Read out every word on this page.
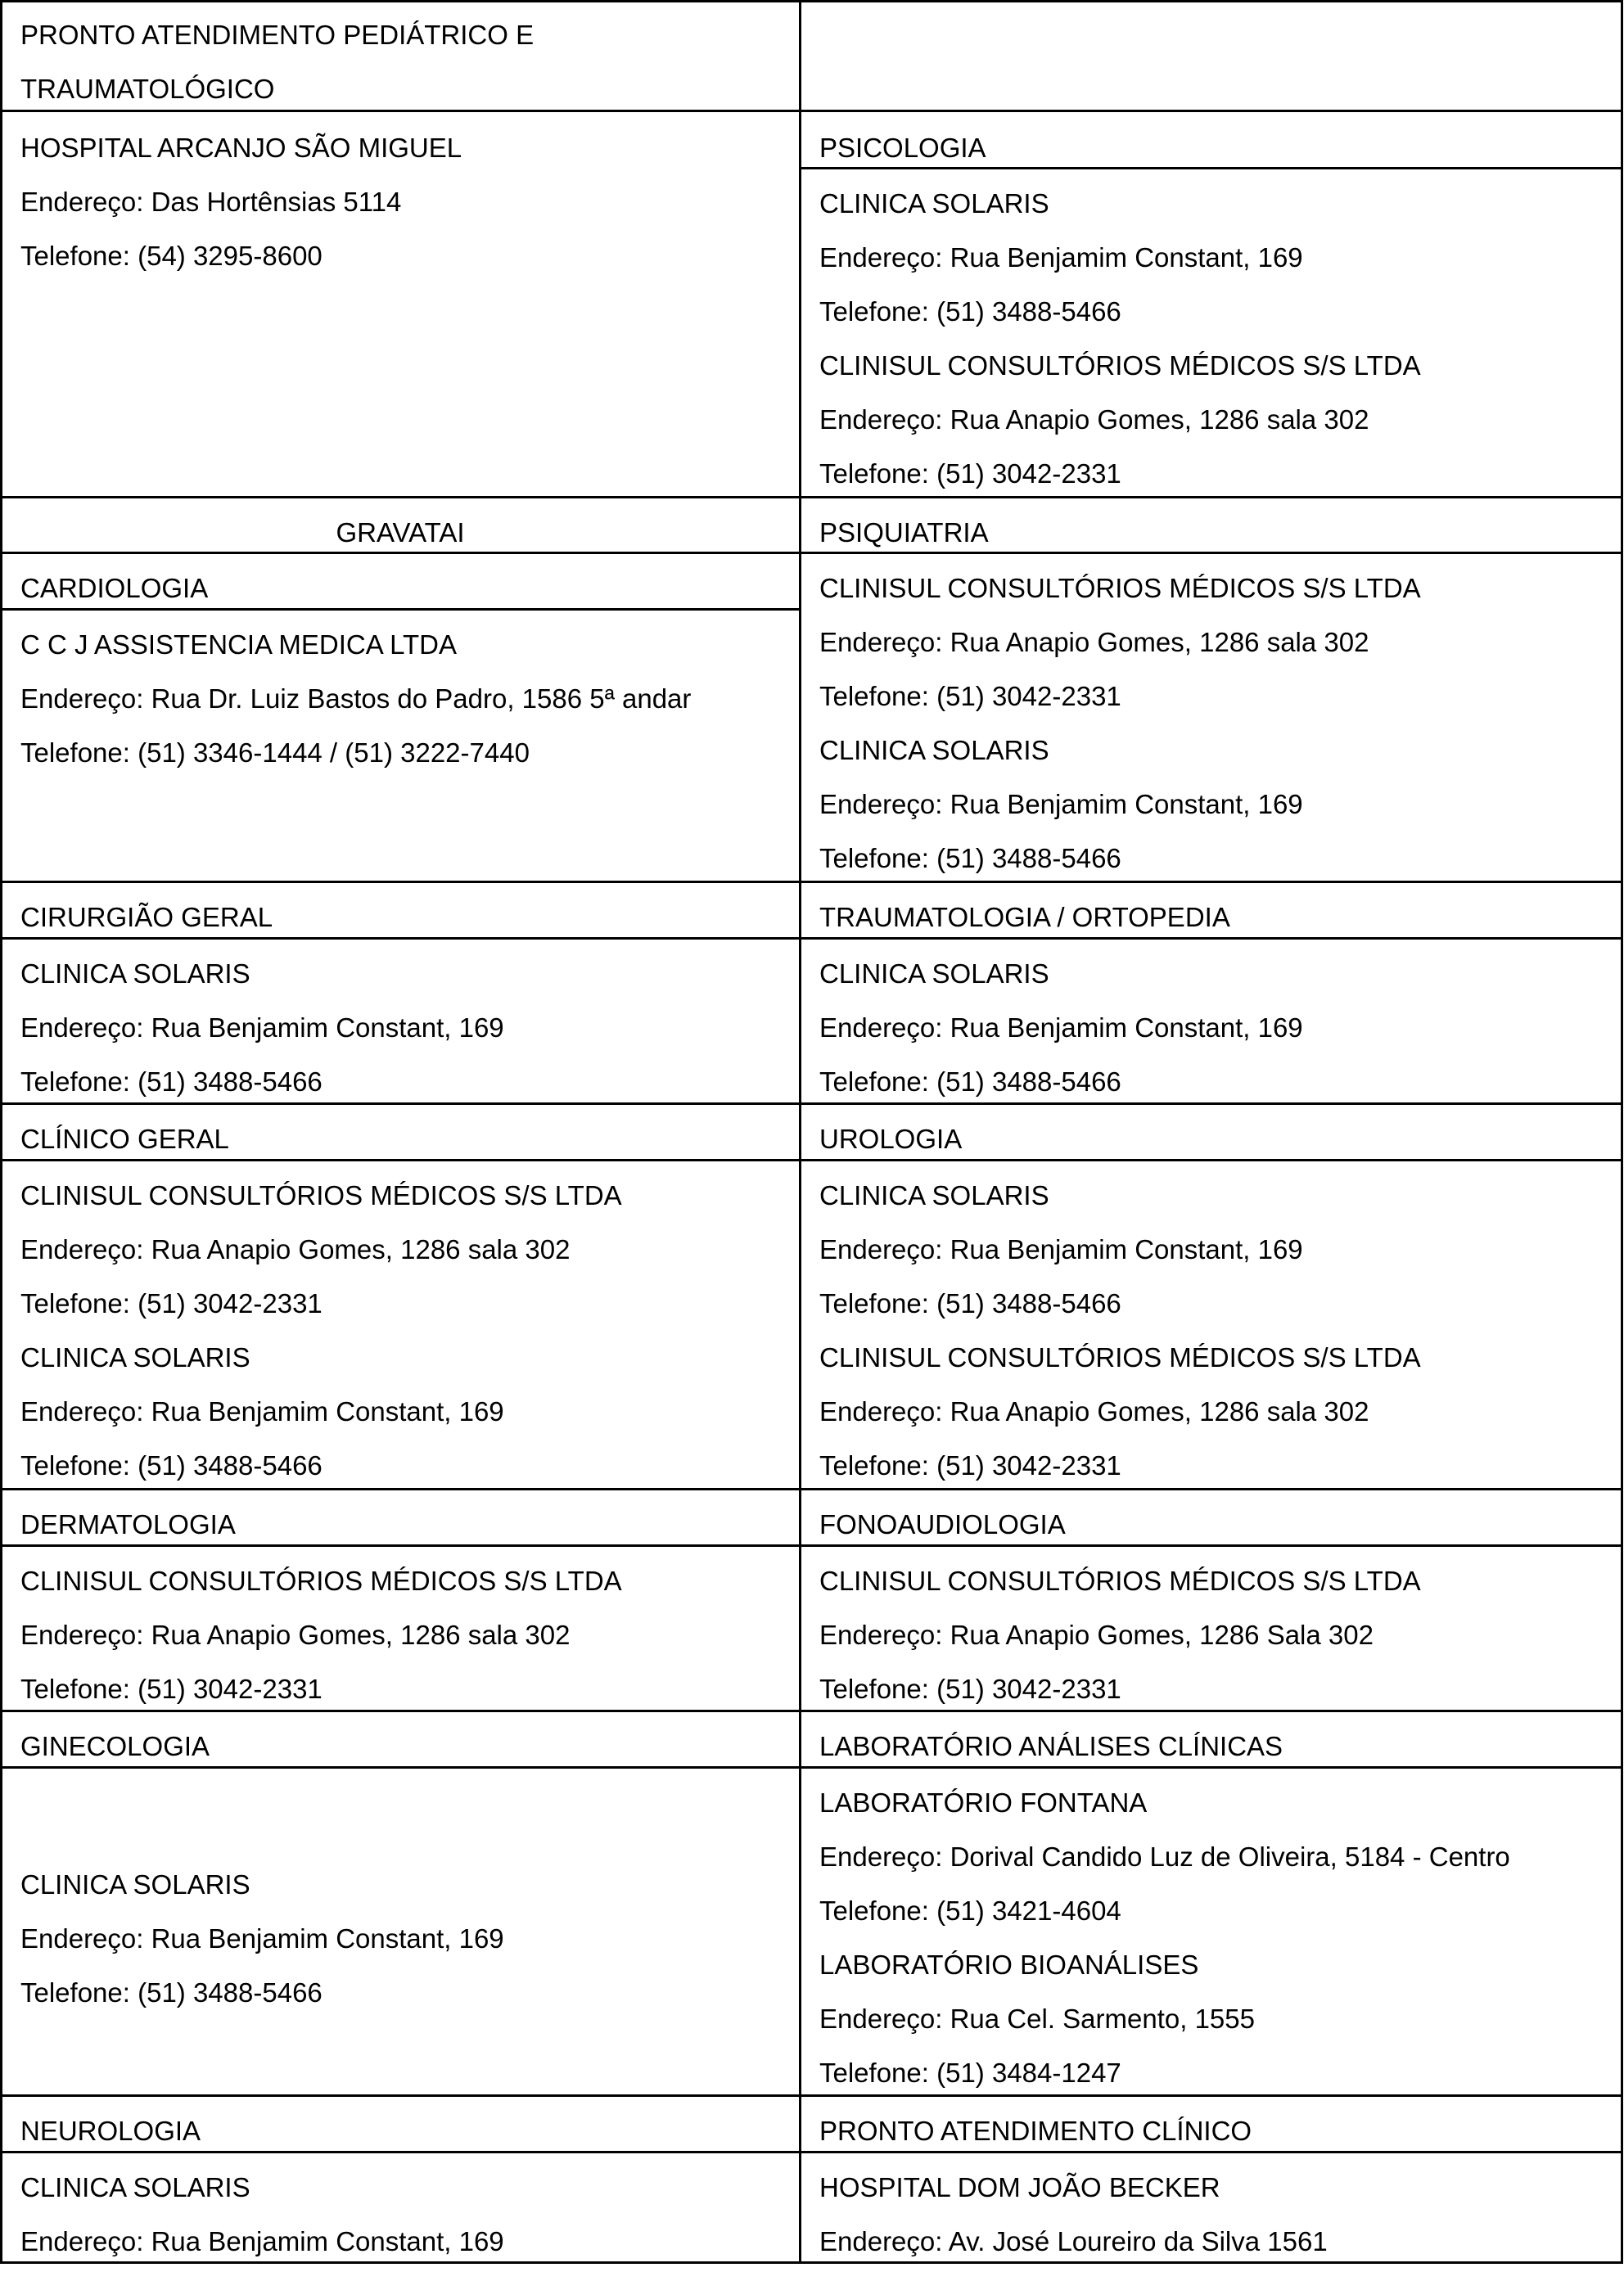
PRONTO ATENDIMENTO PEDIÁTRICO E
TRAUMATOLÓGICO
HOSPITAL ARCANJO SÃO MIGUEL
Endereço: Das Hortênsias 5114
Telefone: (54) 3295-8600
GRAVATAI
CARDIOLOGIA
C C J ASSISTENCIA MEDICA LTDA
Endereço: Rua Dr. Luiz Bastos do Padro, 1586 5ª andar
Telefone: (51) 3346-1444 / (51) 3222-7440
CIRURGIÃO GERAL
CLINICA SOLARIS
Endereço: Rua Benjamim Constant, 169
Telefone: (51) 3488-5466
CLÍNICO GERAL
CLINISUL CONSULTÓRIOS MÉDICOS S/S LTDA
Endereço: Rua Anapio Gomes, 1286 sala 302
Telefone: (51) 3042-2331
CLINICA SOLARIS
Endereço: Rua Benjamim Constant, 169
Telefone: (51) 3488-5466
DERMATOLOGIA
CLINISUL CONSULTÓRIOS MÉDICOS S/S LTDA
Endereço: Rua Anapio Gomes, 1286 sala 302
Telefone: (51) 3042-2331
GINECOLOGIA
CLINICA SOLARIS
Endereço: Rua Benjamim Constant, 169
Telefone: (51) 3488-5466
NEUROLOGIA
CLINICA SOLARIS
Endereço: Rua Benjamim Constant, 169
PSICOLOGIA
CLINICA SOLARIS
Endereço: Rua Benjamim Constant, 169
Telefone: (51) 3488-5466
CLINISUL CONSULTÓRIOS MÉDICOS S/S LTDA
Endereço: Rua Anapio Gomes, 1286 sala 302
Telefone: (51) 3042-2331
PSIQUIATRIA
CLINISUL CONSULTÓRIOS MÉDICOS S/S LTDA
Endereço: Rua Anapio Gomes, 1286 sala 302
Telefone: (51) 3042-2331
CLINICA SOLARIS
Endereço: Rua Benjamim Constant, 169
Telefone: (51) 3488-5466
TRAUMATOLOGIA / ORTOPEDIA
CLINICA SOLARIS
Endereço: Rua Benjamim Constant, 169
Telefone: (51) 3488-5466
UROLOGIA
CLINICA SOLARIS
Endereço: Rua Benjamim Constant, 169
Telefone: (51) 3488-5466
CLINISUL CONSULTÓRIOS MÉDICOS S/S LTDA
Endereço: Rua Anapio Gomes, 1286 sala 302
Telefone: (51) 3042-2331
FONOAUDIOLOGIA
CLINISUL CONSULTÓRIOS MÉDICOS S/S LTDA
Endereço: Rua Anapio Gomes, 1286 Sala 302
Telefone: (51) 3042-2331
LABORATÓRIO ANÁLISES CLÍNICAS
LABORATÓRIO FONTANA
Endereço: Dorival Candido Luz de Oliveira, 5184 - Centro
Telefone: (51) 3421-4604
LABORATÓRIO BIOANÁLISES
Endereço: Rua Cel. Sarmento, 1555
Telefone: (51) 3484-1247
PRONTO ATENDIMENTO CLÍNICO
HOSPITAL DOM JOÃO BECKER
Endereço: Av. José Loureiro da Silva 1561
